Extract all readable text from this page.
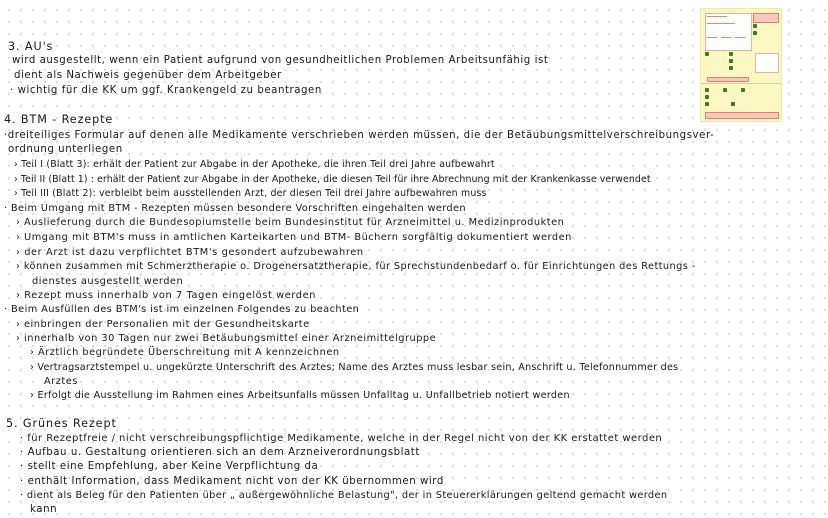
3. AU's
wird ausgestellt, wenn ein Patient aufgrund von gesundheitlichen Problemen Arbeitsunfähig ist
dient als Nachweis gegenüber dem Arbeitgeber
· wichtig für die KK um ggf. Krankengeld zu beantragen
4. BTM - Rezepte
·dreiteiliges Formular auf denen alle Medikamente verschrieben werden müssen, die der Betäubungsmittelverschreibungsver-
ordnung unterliegen
› Teil I (Blatt 3): erhält der Patient zur Abgabe in der Apotheke, die ihren Teil drei Jahre aufbewahrt
› Teil II (Blatt 1) : erhält der Patient zur Abgabe in der Apotheke, die diesen Teil für ihre Abrechnung mit der Krankenkasse verwendet
› Teil III (Blatt 2): verbleibt beim ausstellenden Arzt, der diesen Teil drei Jahre aufbewahren muss
· Beim Umgang mit BTM - Rezepten müssen besondere Vorschriften eingehalten werden
› Auslieferung durch die Bundesopiumstelle beim Bundesinstitut für Arzneimittel u. Medizinprodukten
› Umgang mit BTM's muss in amtlichen Karteikarten und BTM- Büchern sorgfältig dokumentiert werden
› der Arzt ist dazu verpflichtet BTM's gesondert aufzubewahren
› können zusammen mit Schmerztherapie o. Drogenersatztherapie, für Sprechstundenbedarf o. für Einrichtungen des Rettungs -
dienstes ausgestellt werden
› Rezept muss innerhalb von 7 Tagen eingelöst werden
· Beim Ausfüllen des BTM's ist im einzelnen Folgendes zu beachten
› einbringen der Personalien mit der Gesundheitskarte
› innerhalb von 30 Tagen nur zwei Betäubungsmittel einer Arzneimittelgruppe
› Ärztlich begründete Überschreitung mit A kennzeichnen
› Vertragsarztstempel u. ungekürzte Unterschrift des Arztes; Name des Arztes muss lesbar sein, Anschrift u. Telefonnummer des
Arztes
› Erfolgt die Ausstellung im Rahmen eines Arbeitsunfalls müssen Unfalltag u. Unfallbetrieb notiert werden
5. Grünes Rezept
· für Rezeptfreie / nicht verschreibungspflichtige Medikamente, welche in der Regel nicht von der KK erstattet werden
· Aufbau u. Gestaltung orientieren sich an dem Arzneiverordnungsblatt
· stellt eine Empfehlung, aber Keine Verpflichtung da
· enthält Information, dass Medikament nicht von der KK übernommen wird
· dient als Beleg für den Patienten über „ außergewöhnliche Belastung", der in Steuererklärungen geltend gemacht werden
kann
